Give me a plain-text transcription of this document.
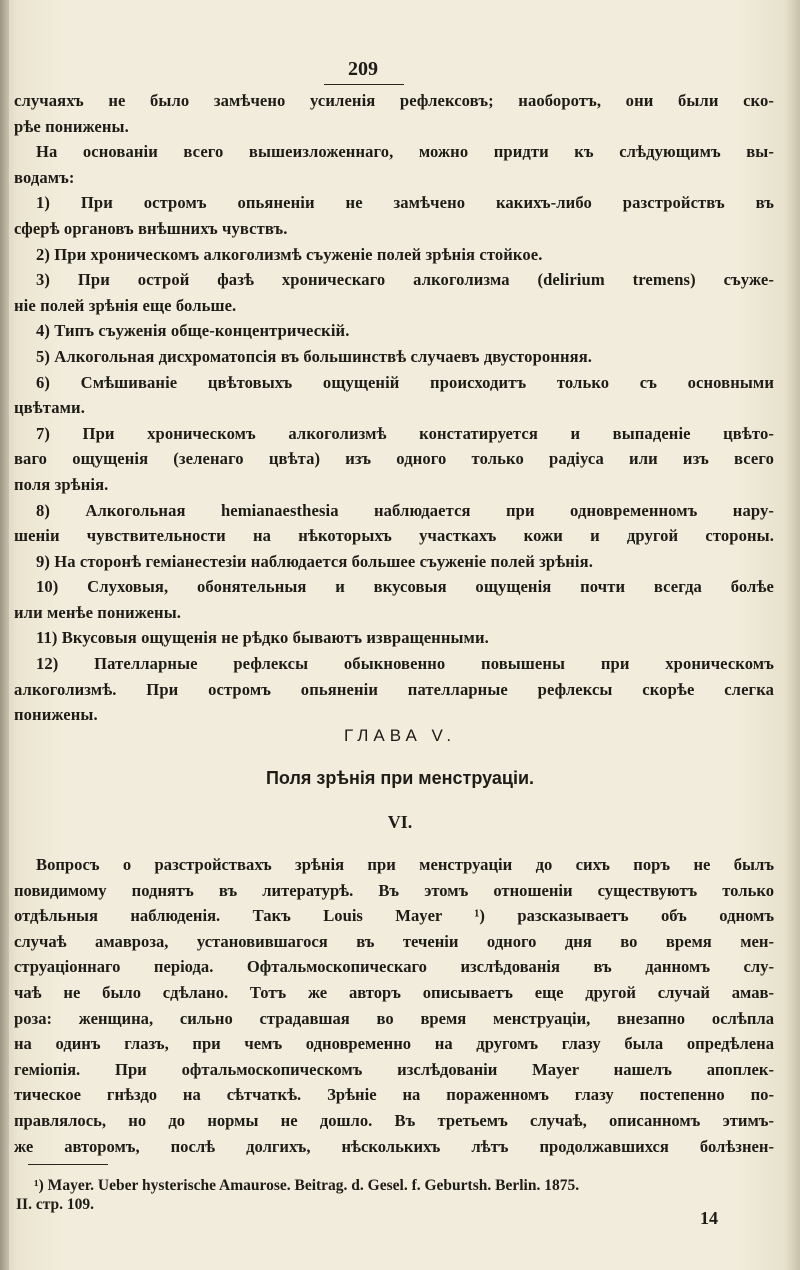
209
случаяхъ не было замѣчено усиленія рефлексовъ; наоборотъ, они были ско-
рѣе понижены.
На основаніи всего вышеизложеннаго, можно придти къ слѣдующимъ вы-
водамъ:
1) При остромъ опьяненіи не замѣчено какихъ-либо разстройствъ въ
сферѣ органовъ внѣшнихъ чувствъ.
2) При хроническомъ алкоголизмѣ съуженіе полей зрѣнія стойкое.
3) При острой фазѣ хроническаго алкоголизма (delirium tremens) съуже-
ніе полей зрѣнія еще больше.
4) Типъ съуженія обще-концентрическій.
5) Алкогольная дисхроматопсія въ большинствѣ случаевъ двусторонняя.
6) Смѣшиваніе цвѣтовыхъ ощущеній происходитъ только съ основными
цвѣтами.
7) При хроническомъ алкоголизмѣ констатируется и выпаденіе цвѣто-
ваго ощущенія (зеленаго цвѣта) изъ одного только радіуса или изъ всего
поля зрѣнія.
8) Алкогольная hemianaesthesia наблюдается при одновременномъ нару-
шеніи чувствительности на нѣкоторыхъ участкахъ кожи и другой стороны.
9) На сторонѣ геміанестезіи наблюдается большее съуженіе полей зрѣнія.
10) Слуховыя, обонятельныя и вкусовыя ощущенія почти всегда болѣе
или менѣе понижены.
11) Вкусовыя ощущенія не рѣдко бываютъ извращенными.
12) Пателларные рефлексы обыкновенно повышены при хроническомъ
алкоголизмѣ. При остромъ опьяненіи пателларные рефлексы скорѣе слегка
понижены.
ГЛАВА V.
Поля зрѣнія при менструаціи.
VI.
Вопросъ о разстройствахъ зрѣнія при менструаціи до сихъ поръ не былъ
повидимому поднятъ въ литературѣ. Въ этомъ отношеніи существуютъ только
отдѣльныя наблюденія. Такъ Louis Mayer ¹) разсказываетъ объ одномъ
случаѣ амавроза, установившагося въ теченіи одного дня во время мен-
струаціоннаго періода. Офтальмоскопическаго изслѣдованія въ данномъ слу-
чаѣ не было сдѣлано. Тотъ же авторъ описываетъ еще другой случай амав-
роза: женщина, сильно страдавшая во время менструаціи, внезапно ослѣпла
на одинъ глазъ, при чемъ одновременно на другомъ глазу была опредѣлена
геміопія. При офтальмоскопическомъ изслѣдованіи Mayer нашелъ апоплек-
тическое гнѣздо на сѣтчаткѣ. Зрѣніе на пораженномъ глазу постепенно по-
правлялось, но до нормы не дошло. Въ третьемъ случаѣ, описанномъ этимъ-
же авторомъ, послѣ долгихъ, нѣсколькихъ лѣтъ продолжавшихся болѣзнен-
¹) Mayer. Ueber hysterische Amaurose. Beitrag. d. Gesel. f. Geburtsh. Berlin. 1875.
II. стр. 109.
14
